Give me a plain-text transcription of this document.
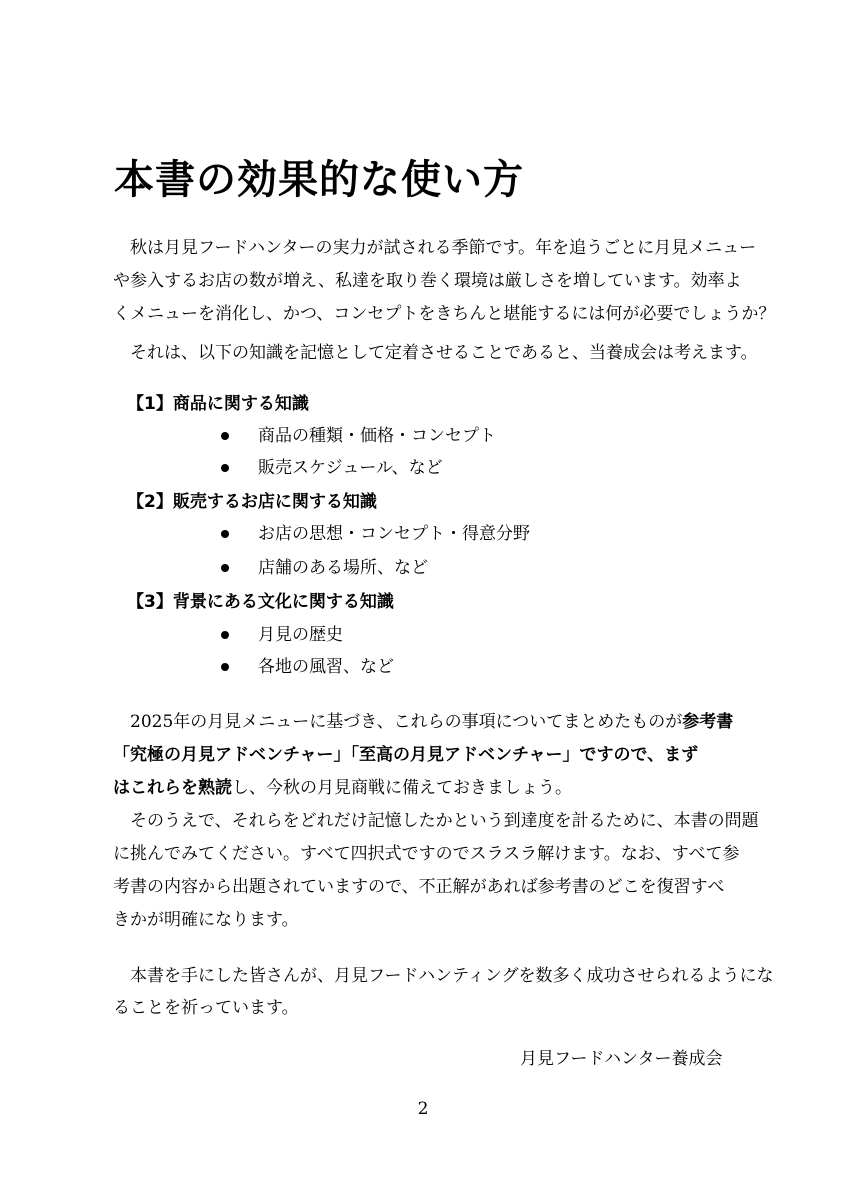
本書の効果的な使い方
秋は月見フードハンターの実力が試される季節です。年を追うごとに月見メニュー
や参入するお店の数が増え、私達を取り巻く環境は厳しさを増しています。効率よ
くメニューを消化し、かつ、コンセプトをきちんと堪能するには何が必要でしょうか？
それは、以下の知識を記憶として定着させることであると、当養成会は考えます。
【1】商品に関する知識
商品の種類・価格・コンセプト
販売スケジュール、など
【2】販売するお店に関する知識
お店の思想・コンセプト・得意分野
店舗のある場所、など
【3】背景にある文化に関する知識
月見の歴史
各地の風習、など
2025年の月見メニューに基づき、これらの事項についてまとめたものが参考書
「究極の月見アドベンチャー」「至高の月見アドベンチャー」ですので、まず
はこれらを熟読し、今秋の月見商戦に備えておきましょう。
そのうえで、それらをどれだけ記憶したかという到達度を計るために、本書の問題
に挑んでみてください。すべて四択式ですのでスラスラ解けます。なお、すべて参
考書の内容から出題されていますので、不正解があれば参考書のどこを復習すべ
きかが明確になります。
本書を手にした皆さんが、月見フードハンティングを数多く成功させられるようにな
ることを祈っています。
月見フードハンター養成会
2
